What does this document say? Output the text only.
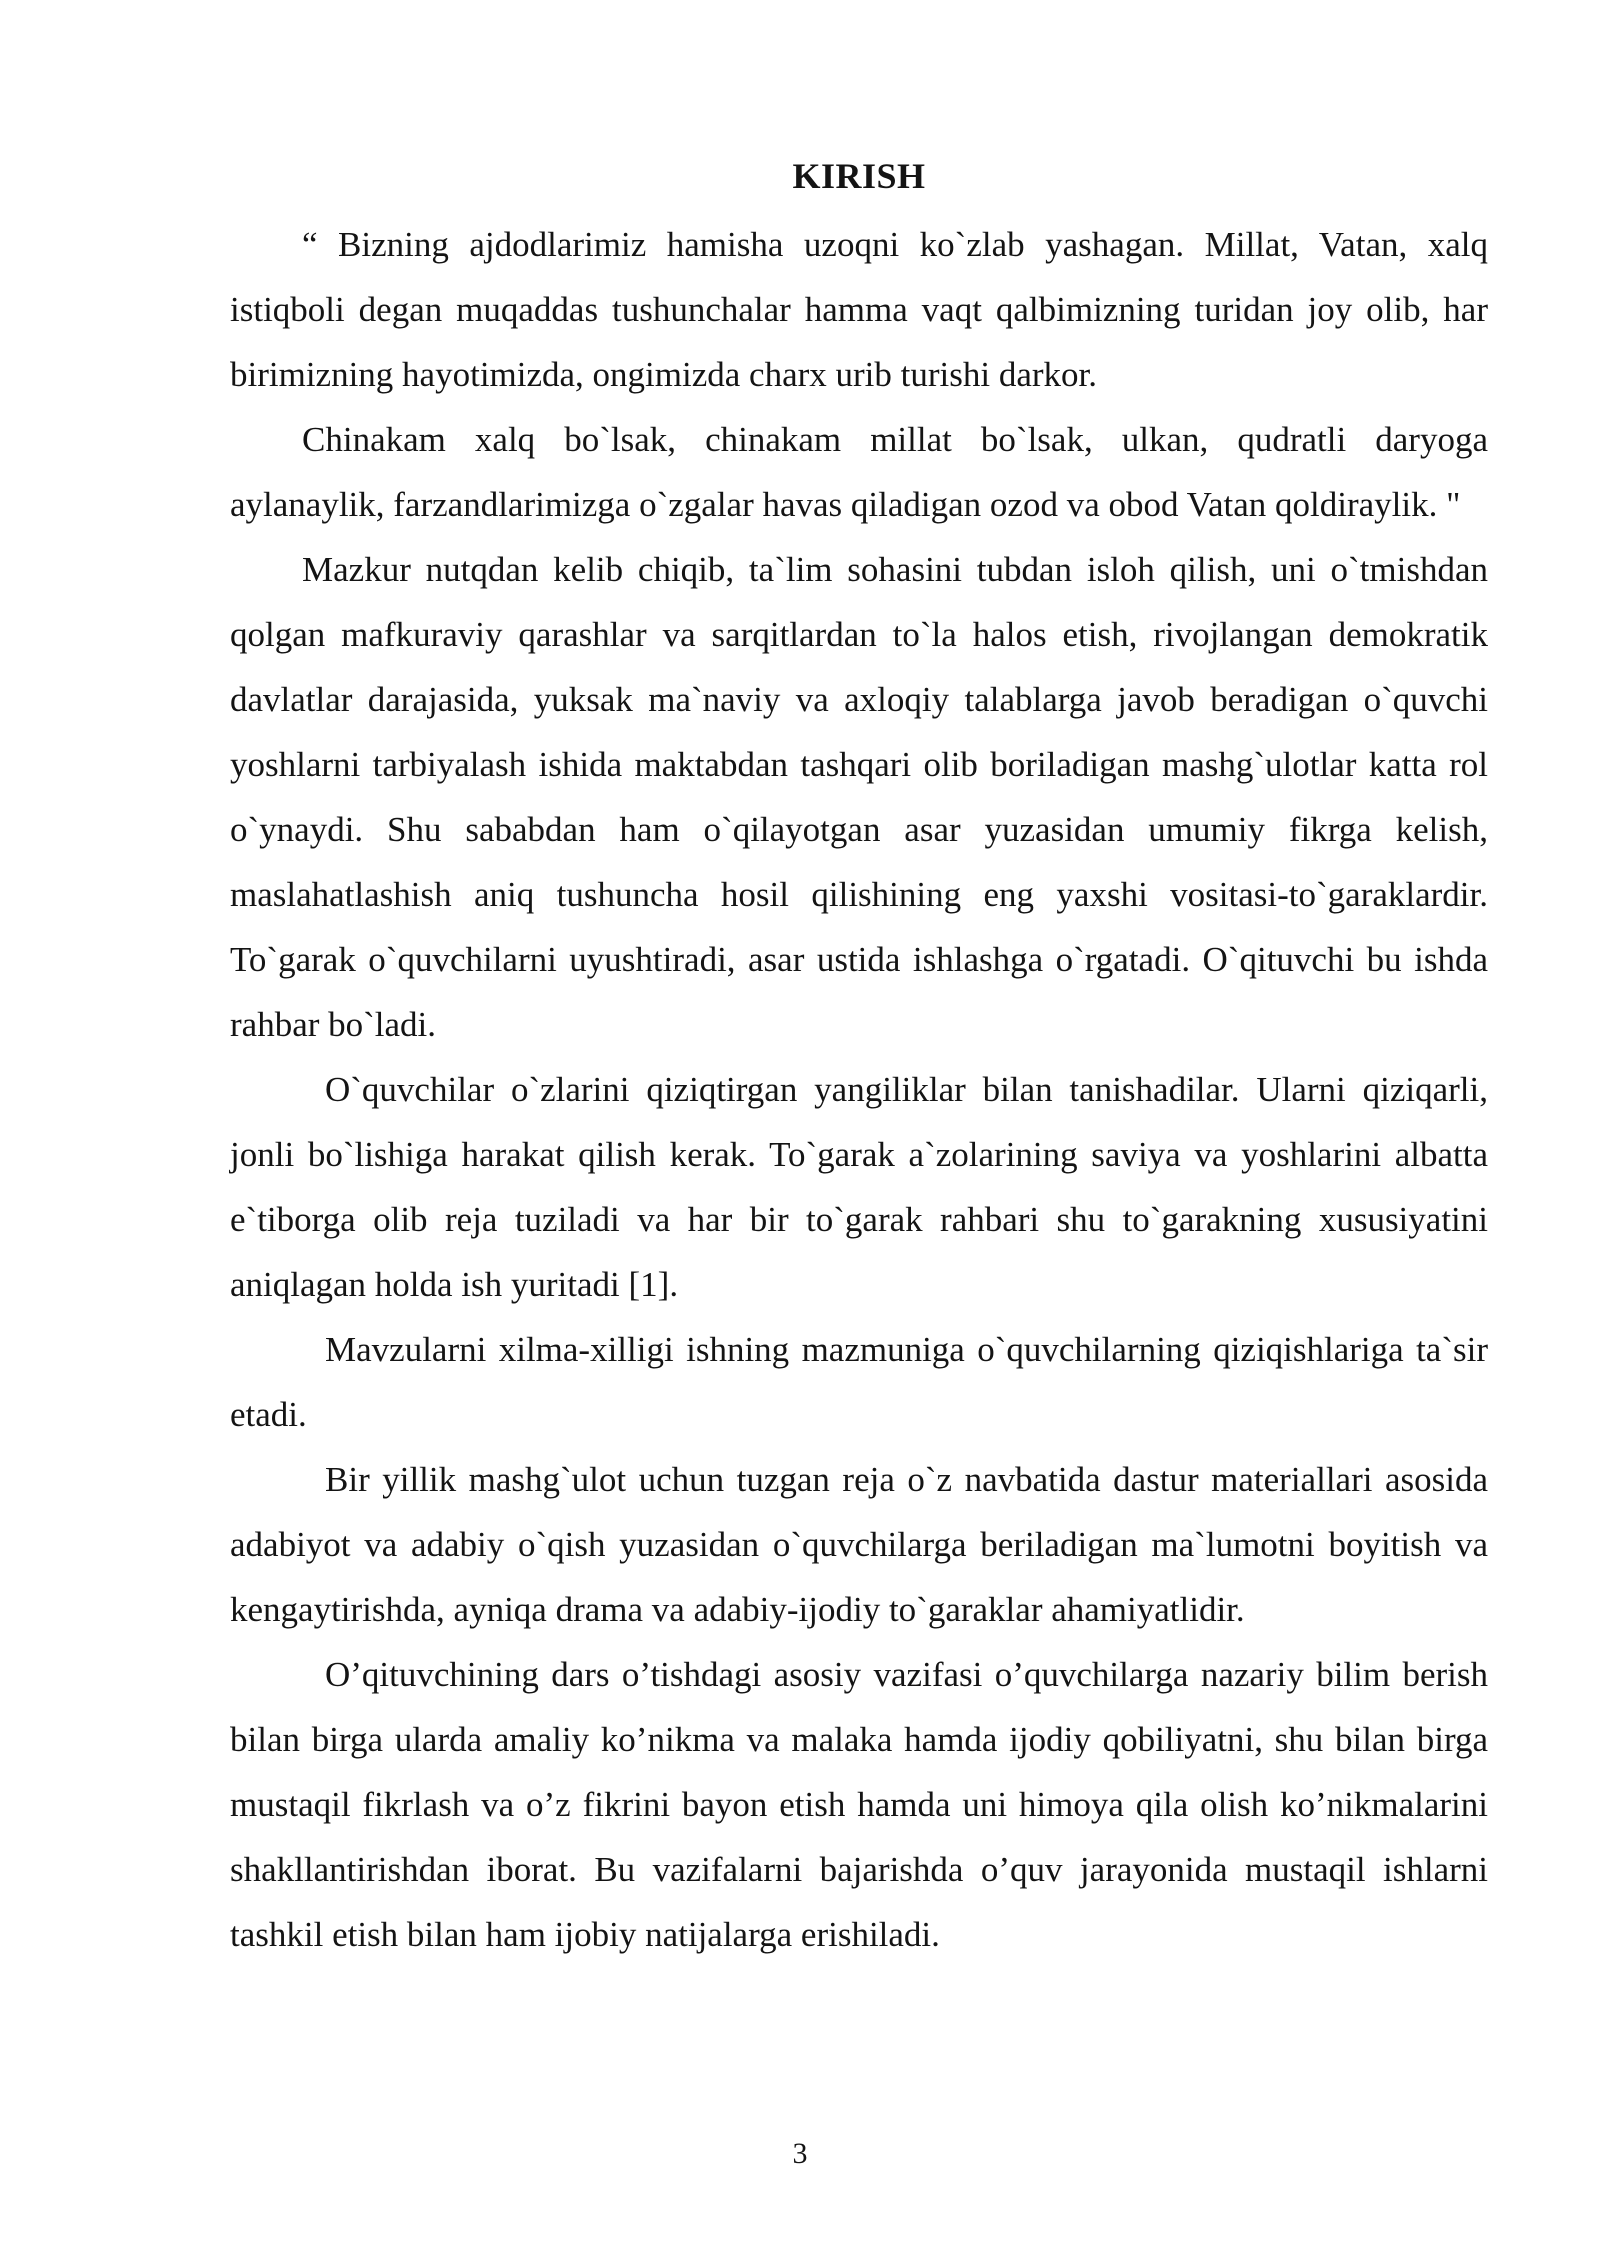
KIRISH

“ Bizning ajdodlarimiz hamisha uzoqni ko`zlab yashagan. Millat, Vatan, xalq istiqboli degan muqaddas tushunchalar hamma vaqt qalbimizning turidan joy olib, har birimizning hayotimizda, ongimizda charx urib turishi darkor.

Chinakam xalq bo`lsak, chinakam millat bo`lsak, ulkan, qudratli daryoga aylanaylik, farzandlarimizga o`zgalar havas qiladigan ozod va obod Vatan qoldiraylik. "

Mazkur nutqdan kelib chiqib, ta`lim sohasini tubdan isloh qilish, uni o`tmishdan qolgan mafkuraviy qarashlar va sarqitlardan to`la halos etish, rivojlangan demokratik davlatlar darajasida, yuksak ma`naviy va axloqiy talablarga javob beradigan o`quvchi yoshlarni tarbiyalash ishida maktabdan tashqari olib boriladigan mashg`ulotlar katta rol o`ynaydi. Shu sababdan ham o`qilayotgan asar yuzasidan umumiy fikrga kelish, maslahatlashish aniq tushuncha hosil qilishining eng yaxshi vositasi-to`garaklardir. To`garak o`quvchilarni uyushtiradi, asar ustida ishlashga o`rgatadi. O`qituvchi bu ishda rahbar bo`ladi.

O`quvchilar o`zlarini qiziqtirgan yangiliklar bilan tanishadilar. Ularni qiziqarli, jonli bo`lishiga harakat qilish kerak. To`garak a`zolarining saviya va yoshlarini albatta e`tiborga olib reja tuziladi va har bir to`garak rahbari shu to`garakning xususiyatini aniqlagan holda ish yuritadi [1].

Mavzularni xilma-xilligi ishning mazmuniga o`quvchilarning qiziqishlariga ta`sir etadi.

Bir yillik mashg`ulot uchun tuzgan reja o`z navbatida dastur materiallari asosida adabiyot va adabiy o`qish yuzasidan o`quvchilarga beriladigan ma`lumotni boyitish va kengaytirishda, ayniqa drama va adabiy-ijodiy to`garaklar ahamiyatlidir.

O’qituvchining dars o’tishdagi asosiy vazifasi o’quvchilarga nazariy bilim berish bilan birga ularda amaliy ko’nikma va malaka hamda ijodiy qobiliyatni, shu bilan birga mustaqil fikrlash va o’z fikrini bayon etish hamda uni himoya qila olish ko’nikmalarini shakllantirishdan iborat. Bu vazifalarni bajarishda o’quv jarayonida mustaqil ishlarni tashkil etish bilan ham ijobiy natijalarga erishiladi.

3
